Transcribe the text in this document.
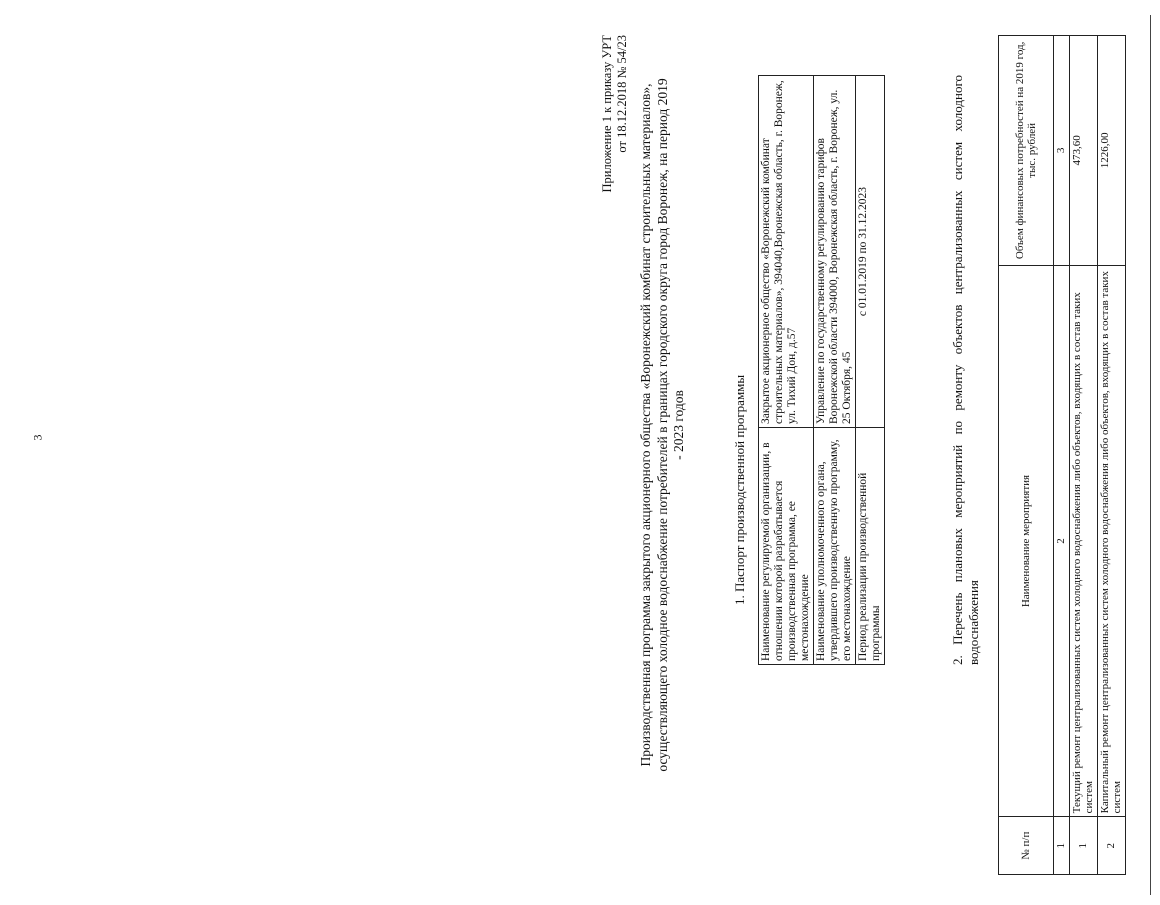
3
Приложение 1 к приказу УРТ от 18.12.2018 № 54/23 Производственная программа закрытого акционерного общества «Воронежский комбинат строительных материалов», осуществляющего холодное водоснабжение потребителей в границах городского округа город Воронеж, на период 2019 - 2023 годов	1. Паспорт производственной программы Наименование регулируемой организации, в отношении которой разрабатывается производственная программа, ее местонахождение	Закрытое акционерное общество «Воронежский комбинат строительных материалов», 394040,Воронежская область, г. Воронеж, ул. Тихий Дон, д.57
Наименование уполномоченного органа, утвердившего производственную программу, его местонахождение	Управление по государственному регулированию тарифов Воронежской области 394000, Воронежская область, г. Воронеж, ул. 25 Октября, 45
Период реализации производственной программы	с 01.01.2019 по 31.12.2023	2. Перечень плановых мероприятий по ремонту объектов централизованных систем холодного водоснабжения
№ п/п	Наименование мероприятия	Объем финансовых потребностей на 2019 год, тыс. рублей
1	2	3
1	Текущий ремонт централизованных систем холодного водоснабжения либо объектов, входящих в состав таких систем	473,60
2	Капитальный ремонт централизованных систем холодного водоснабжения либо объектов, входящих в состав таких систем	1226,00
